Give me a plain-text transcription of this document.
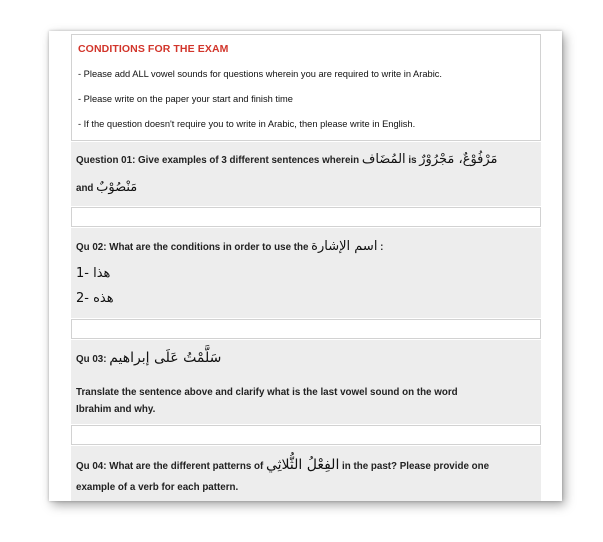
CONDITIONS FOR THE EXAM

- Please add ALL vowel sounds for questions wherein you are required to write in Arabic.

- Please write on the paper your start and finish time

- If the question doesn't require you to write in Arabic, then please write in English.

Question 01: Give examples of 3 different sentences wherein المُضَاف is مَرْفُوْعٌ، مَجْرُوْرٌ

and مَنْصُوْبٌ

Qu 02: What are the conditions in order to use the اسم الإشارة :

1- هذا

2- هذه

Qu 03: سَلَّمْتُ عَلَى إبراهيم

Translate the sentence above and clarify what is the last vowel sound on the word

Ibrahim and why.

Qu 04: What are the different patterns of الفِعْلُ الثُّلاثِي in the past? Please provide one

example of a verb for each pattern.
